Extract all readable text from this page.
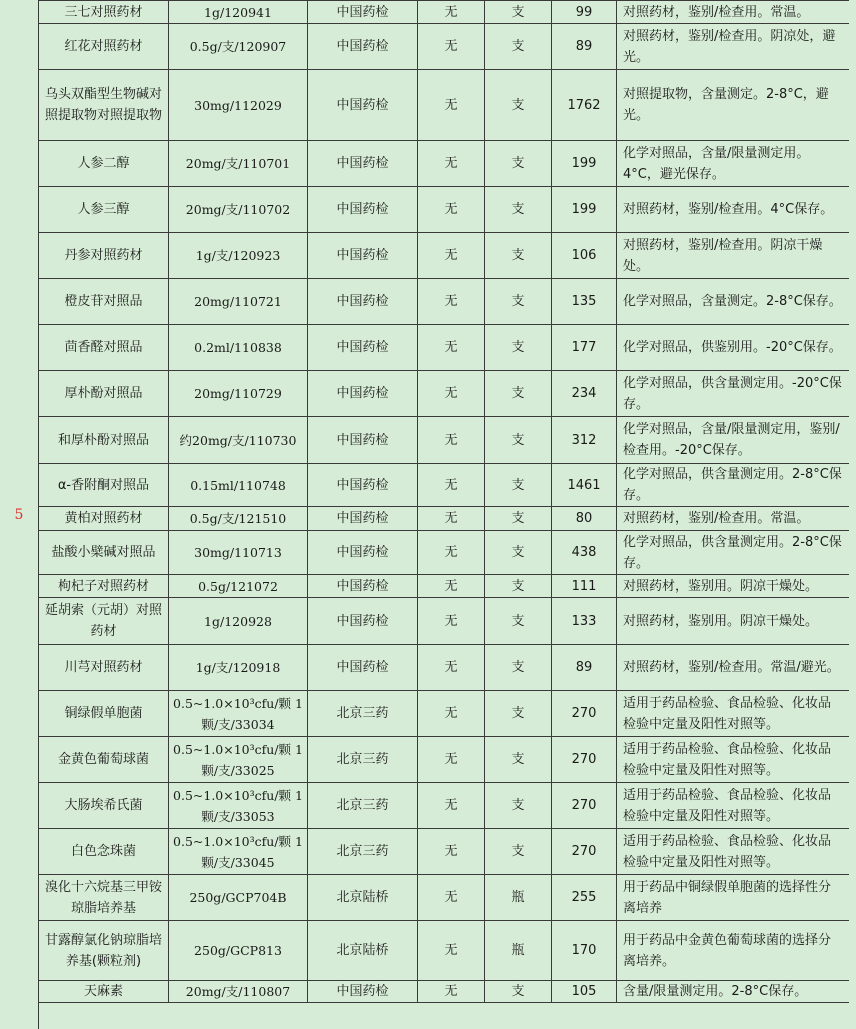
5
三七对照药材	1g/120941	中国药检	无	支	99	对照药材，鉴别/检查用。常温。
红花对照药材	0.5g/支/120907	中国药检	无	支	89	对照药材，鉴别/检查用。阴凉处，避光。
乌头双酯型生物碱对照提取物对照提取物	30mg/112029	中国药检	无	支	1762	对照提取物，含量测定。2-8°C，避光。
人参二醇	20mg/支/110701	中国药检	无	支	199	化学对照品，含量/限量测定用。4°C，避光保存。
人参三醇	20mg/支/110702	中国药检	无	支	199	对照药材，鉴别/检查用。4°C保存。
丹参对照药材	1g/支/120923	中国药检	无	支	106	对照药材，鉴别/检查用。阴凉干燥处。
橙皮苷对照品	20mg/110721	中国药检	无	支	135	化学对照品，含量测定。2-8°C保存。
茴香醛对照品	0.2ml/110838	中国药检	无	支	177	化学对照品，供鉴别用。-20°C保存。
厚朴酚对照品	20mg/110729	中国药检	无	支	234	化学对照品，供含量测定用。-20°C保存。
和厚朴酚对照品	约20mg/支/110730	中国药检	无	支	312	化学对照品，含量/限量测定用，鉴别/检查用。-20°C保存。
α-香附酮对照品	0.15ml/110748	中国药检	无	支	1461	化学对照品，供含量测定用。2-8°C保存。
黄柏对照药材	0.5g/支/121510	中国药检	无	支	80	对照药材，鉴别/检查用。常温。
盐酸小檗碱对照品	30mg/110713	中国药检	无	支	438	化学对照品，供含量测定用。2-8°C保存。
枸杞子对照药材	0.5g/121072	中国药检	无	支	111	对照药材，鉴别用。阴凉干燥处。
延胡索（元胡）对照药材	1g/120928	中国药检	无	支	133	对照药材，鉴别用。阴凉干燥处。
川芎对照药材	1g/支/120918	中国药检	无	支	89	对照药材，鉴别/检查用。常温/避光。
铜绿假单胞菌	0.5~1.0×10³cfu/颗 1颗/支/33034	北京三药	无	支	270	适用于药品检验、食品检验、化妆品检验中定量及阳性对照等。
金黄色葡萄球菌	0.5~1.0×10³cfu/颗 1颗/支/33025	北京三药	无	支	270	适用于药品检验、食品检验、化妆品检验中定量及阳性对照等。
大肠埃希氏菌	0.5~1.0×10³cfu/颗 1颗/支/33053	北京三药	无	支	270	适用于药品检验、食品检验、化妆品检验中定量及阳性对照等。
白色念珠菌	0.5~1.0×10³cfu/颗 1颗/支/33045	北京三药	无	支	270	适用于药品检验、食品检验、化妆品检验中定量及阳性对照等。
溴化十六烷基三甲铵琼脂培养基	250g/GCP704B	北京陆桥	无	瓶	255	用于药品中铜绿假单胞菌的选择性分离培养
甘露醇氯化钠琼脂培养基(颗粒剂)	250g/GCP813	北京陆桥	无	瓶	170	用于药品中金黄色葡萄球菌的选择分离培养。
天麻素	20mg/支/110807	中国药检	无	支	105	含量/限量测定用。2-8°C保存。
